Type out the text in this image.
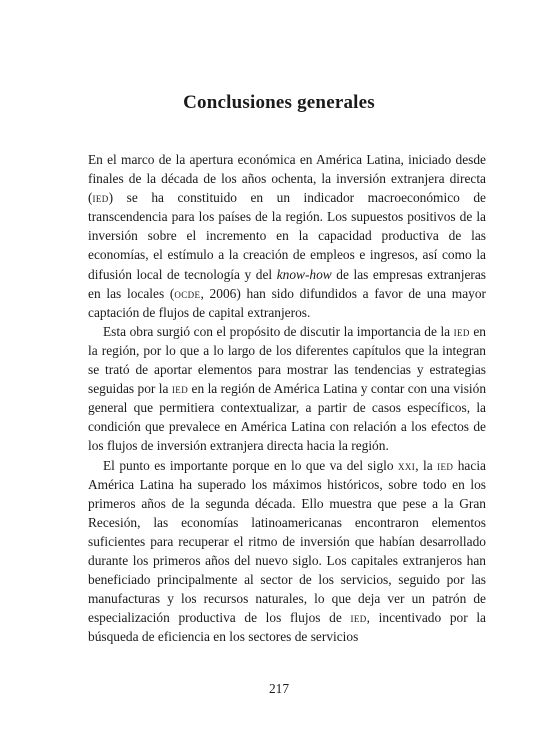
Conclusiones generales

En el marco de la apertura económica en América Latina, iniciado desde finales de la década de los años ochenta, la inversión extranjera directa (ied) se ha constituido en un indicador macroeconómico de transcendencia para los países de la región. Los supuestos positivos de la inversión sobre el incremento en la capacidad productiva de las economías, el estímulo a la creación de empleos e ingresos, así como la difusión local de tecnología y del know-how de las empresas extranjeras en las locales (ocde, 2006) han sido difundidos a favor de una mayor captación de flujos de capital extranjeros.

Esta obra surgió con el propósito de discutir la importancia de la ied en la región, por lo que a lo largo de los diferentes capítulos que la integran se trató de aportar elementos para mostrar las tendencias y estrategias seguidas por la ied en la región de América Latina y contar con una visión general que permitiera contextualizar, a partir de casos específicos, la condición que prevalece en América Latina con relación a los efectos de los flujos de inversión extranjera directa hacia la región.

El punto es importante porque en lo que va del siglo xxi, la ied hacia América Latina ha superado los máximos históricos, sobre todo en los primeros años de la segunda década. Ello muestra que pese a la Gran Recesión, las economías latinoamericanas encontraron elementos suficientes para recuperar el ritmo de inversión que habían desarrollado durante los primeros años del nuevo siglo. Los capitales extranjeros han beneficiado principalmente al sector de los servicios, seguido por las manufacturas y los recursos naturales, lo que deja ver un patrón de especialización productiva de los flujos de ied, incentivado por la búsqueda de eficiencia en los sectores de servicios

217
